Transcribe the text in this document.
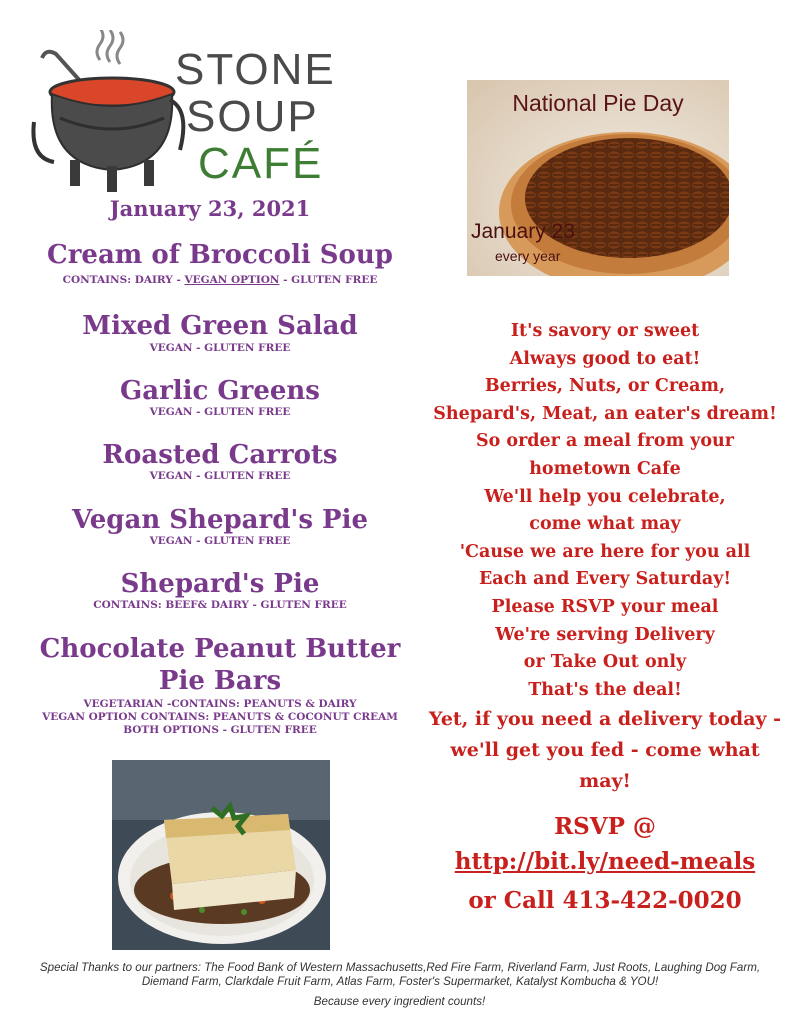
STONE
SOUP
CAFÉ
January 23, 2021
Cream of Broccoli Soup
CONTAINS: DAIRY - VEGAN OPTION - GLUTEN FREE
Mixed Green Salad
VEGAN - GLUTEN FREE
Garlic Greens
VEGAN - GLUTEN FREE
Roasted Carrots
VEGAN - GLUTEN FREE
Vegan Shepard's Pie
VEGAN - GLUTEN FREE
Shepard's Pie
CONTAINS: BEEF& DAIRY - GLUTEN FREE
Chocolate Peanut Butter
Pie Bars
VEGETARIAN -CONTAINS: PEANUTS & DAIRY
VEGAN OPTION CONTAINS: PEANUTS & COCONUT CREAM
BOTH OPTIONS - GLUTEN FREE
National Pie Day
January 23
every year
It's savory or sweet
Always good to eat!
Berries, Nuts, or Cream,
Shepard's, Meat, an eater's dream!
So order a meal from your
hometown Cafe
We'll help you celebrate,
come what may
'Cause we are here for you all
Each and Every Saturday!
Please RSVP your meal
We're serving Delivery
or Take Out only
That's the deal!
Yet, if you need a delivery today -
we'll get you fed - come what
may!
RSVP @
http://bit.ly/need-meals
or Call 413-422-0020
Special Thanks to our partners: The Food Bank of Western Massachusetts,Red Fire Farm, Riverland Farm, Just Roots, Laughing Dog Farm, Diemand Farm, Clarkdale Fruit Farm, Atlas Farm, Foster's Supermarket, Katalyst Kombucha & YOU!
Because every ingredient counts!
